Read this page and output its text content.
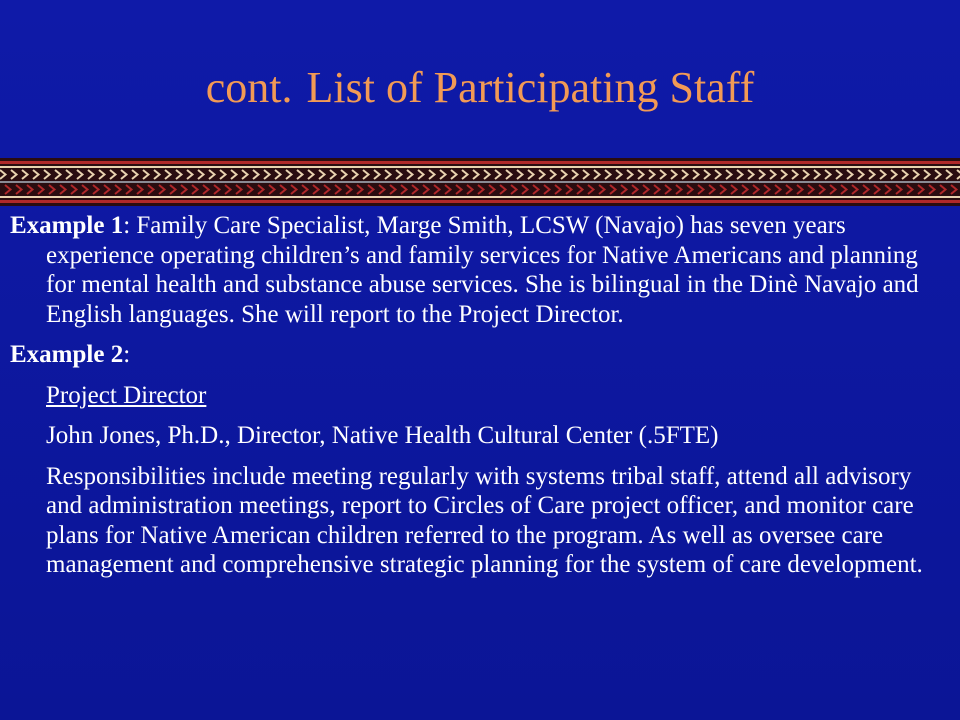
cont. List of Participating Staff

Example 1: Family Care Specialist, Marge Smith, LCSW (Navajo) has seven years experience operating children’s and family services for Native Americans and planning for mental health and substance abuse services. She is bilingual in the Dinè Navajo and English languages. She will report to the Project Director.

Example 2:

Project Director

John Jones, Ph.D., Director, Native Health Cultural Center (.5FTE)

Responsibilities include meeting regularly with systems tribal staff, attend all advisory and administration meetings, report to Circles of Care project officer, and monitor care plans for Native American children referred to the program. As well as oversee care management and comprehensive strategic planning for the system of care development.
